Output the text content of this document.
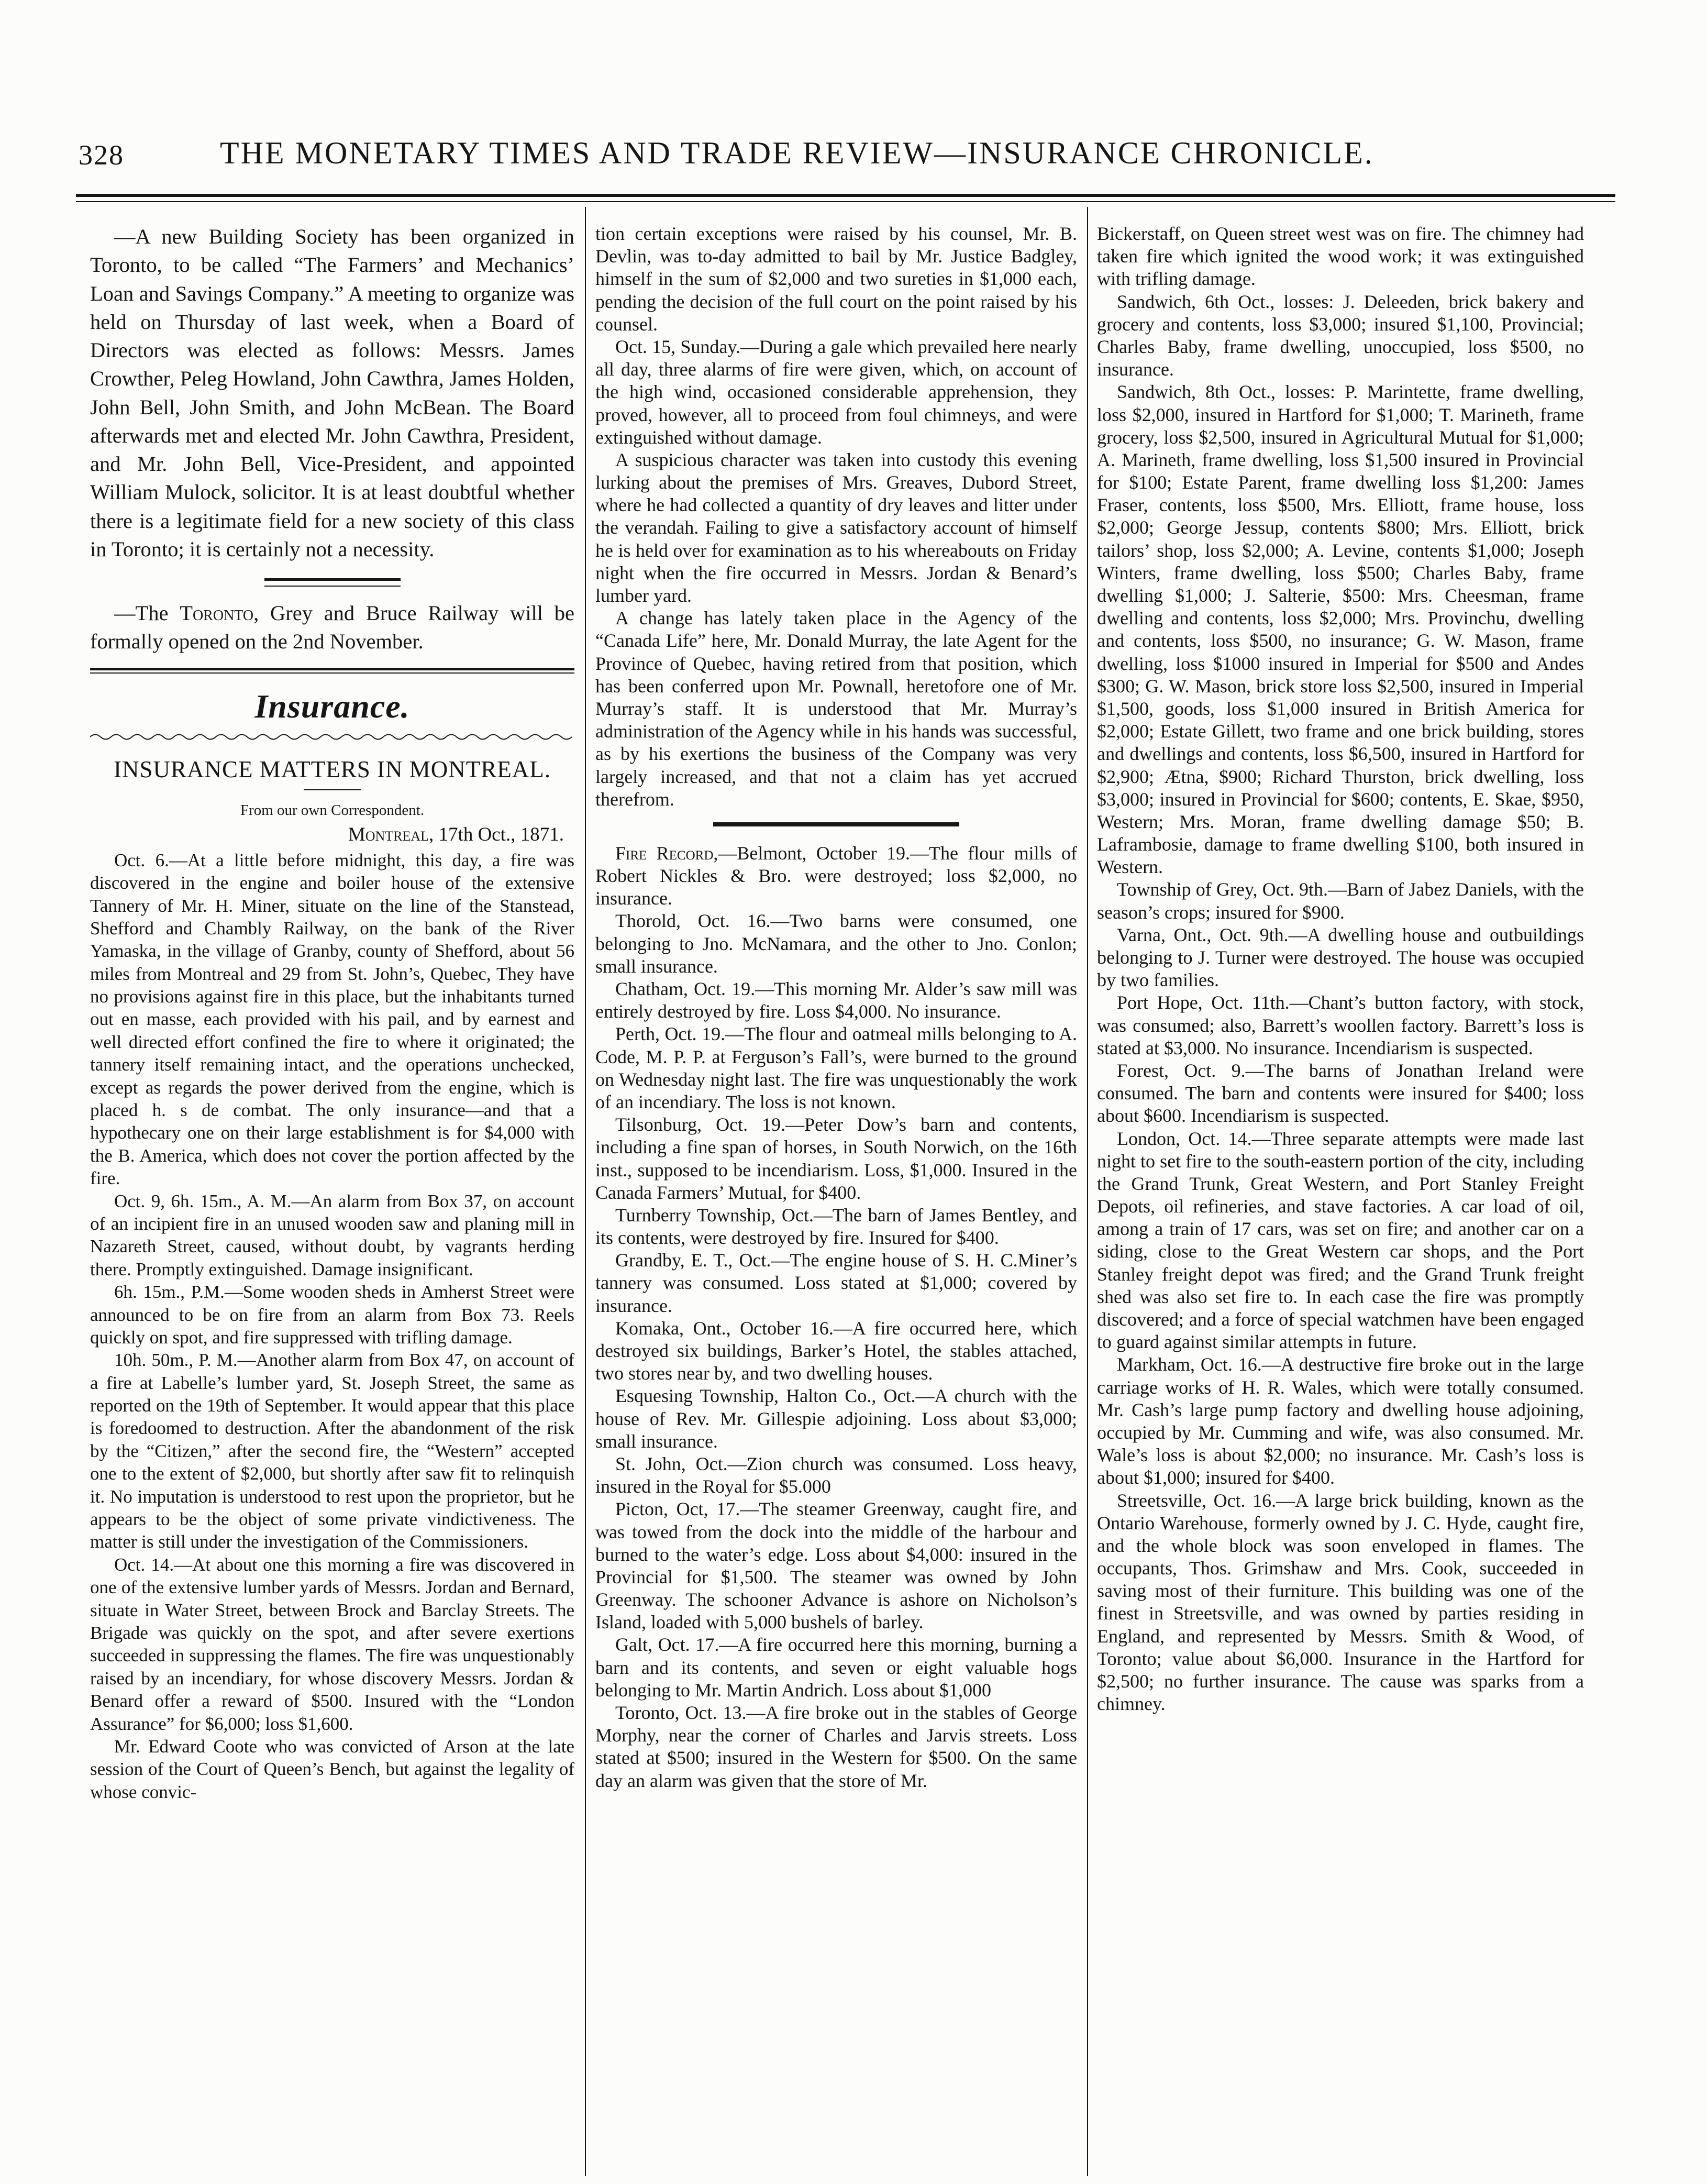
328	THE MONETARY TIMES AND TRADE REVIEW—INSURANCE CHRONICLE.

—A new Building Society has been organized in Toronto, to be called “The Farmers’ and Mechanics’ Loan and Savings Company.” A meeting to organize was held on Thursday of last week, when a Board of Directors was elected as follows: Messrs. James Crowther, Peleg Howland, John Cawthra, James Holden, John Bell, John Smith, and John McBean. The Board afterwards met and elected Mr. John Cawthra, President, and Mr. John Bell, Vice-President, and appointed William Mulock, solicitor. It is at least doubtful whether there is a legitimate field for a new society of this class in Toronto; it is certainly not a necessity.

—The Toronto, Grey and Bruce Railway will be formally opened on the 2nd November.

Insurance.
INSURANCE MATTERS IN MONTREAL.
From our own Correspondent.
Montreal, 17th Oct., 1871.

Oct. 6.—At a little before midnight, this day, a fire was discovered in the engine and boiler house of the extensive Tannery of Mr. H. Miner, situate on the line of the Stanstead, Shefford and Chambly Railway, on the bank of the River Yamaska, in the village of Granby, county of Shefford, about 56 miles from Montreal and 29 from St. John’s, Quebec, They have no provisions against fire in this place, but the inhabitants turned out en masse, each provided with his pail, and by earnest and well directed effort confined the fire to where it originated; the tannery itself remaining intact, and the operations unchecked, except as regards the power derived from the engine, which is placed h. s de combat. The only insurance—and that a hypothecary one on their large establishment is for $4,000 with the B. America, which does not cover the portion affected by the fire.

Oct. 9, 6h. 15m., A. M.—An alarm from Box 37, on account of an incipient fire in an unused wooden saw and planing mill in Nazareth Street, caused, without doubt, by vagrants herding there. Promptly extinguished. Damage insignificant.

6h. 15m., P.M.—Some wooden sheds in Amherst Street were announced to be on fire from an alarm from Box 73. Reels quickly on spot, and fire suppressed with trifling damage.

10h. 50m., P. M.—Another alarm from Box 47, on account of a fire at Labelle’s lumber yard, St. Joseph Street, the same as reported on the 19th of September. It would appear that this place is foredoomed to destruction. After the abandonment of the risk by the “Citizen,” after the second fire, the “Western” accepted one to the extent of $2,000, but shortly after saw fit to relinquish it. No imputation is understood to rest upon the proprietor, but he appears to be the object of some private vindictiveness. The matter is still under the investigation of the Commissioners.

Oct. 14.—At about one this morning a fire was discovered in one of the extensive lumber yards of Messrs. Jordan and Bernard, situate in Water Street, between Brock and Barclay Streets. The Brigade was quickly on the spot, and after severe exertions succeeded in suppressing the flames. The fire was unquestionably raised by an incendiary, for whose discovery Messrs. Jordan & Benard offer a reward of $500. Insured with the “London Assurance” for $6,000; loss $1,600.

Mr. Edward Coote who was convicted of Arson at the late session of the Court of Queen’s Bench, but against the legality of whose convic-

tion certain exceptions were raised by his counsel, Mr. B. Devlin, was to-day admitted to bail by Mr. Justice Badgley, himself in the sum of $2,000 and two sureties in $1,000 each, pending the decision of the full court on the point raised by his counsel.

Oct. 15, Sunday.—During a gale which prevailed here nearly all day, three alarms of fire were given, which, on account of the high wind, occasioned considerable apprehension, they proved, however, all to proceed from foul chimneys, and were extinguished without damage.

A suspicious character was taken into custody this evening lurking about the premises of Mrs. Greaves, Dubord Street, where he had collected a quantity of dry leaves and litter under the verandah. Failing to give a satisfactory account of himself he is held over for examination as to his whereabouts on Friday night when the fire occurred in Messrs. Jordan & Benard’s lumber yard.

A change has lately taken place in the Agency of the “Canada Life” here, Mr. Donald Murray, the late Agent for the Province of Quebec, having retired from that position, which has been conferred upon Mr. Pownall, heretofore one of Mr. Murray’s staff. It is understood that Mr. Murray’s administration of the Agency while in his hands was successful, as by his exertions the business of the Company was very largely increased, and that not a claim has yet accrued therefrom.

Fire Record,—Belmont, October 19.—The flour mills of Robert Nickles & Bro. were destroyed; loss $2,000, no insurance.

Thorold, Oct. 16.—Two barns were consumed, one belonging to Jno. McNamara, and the other to Jno. Conlon; small insurance.

Chatham, Oct. 19.—This morning Mr. Alder’s saw mill was entirely destroyed by fire. Loss $4,000. No insurance.

Perth, Oct. 19.—The flour and oatmeal mills belonging to A. Code, M. P. P. at Ferguson’s Fall’s, were burned to the ground on Wednesday night last. The fire was unquestionably the work of an incendiary. The loss is not known.

Tilsonburg, Oct. 19.—Peter Dow’s barn and contents, including a fine span of horses, in South Norwich, on the 16th inst., supposed to be incendiarism. Loss, $1,000. Insured in the Canada Farmers’ Mutual, for $400.

Turnberry Township, Oct.—The barn of James Bentley, and its contents, were destroyed by fire. Insured for $400.

Grandby, E. T., Oct.—The engine house of S. H. C.Miner’s tannery was consumed. Loss stated at $1,000; covered by insurance.

Komaka, Ont., October 16.—A fire occurred here, which destroyed six buildings, Barker’s Hotel, the stables attached, two stores near by, and two dwelling houses.

Esquesing Township, Halton Co., Oct.—A church with the house of Rev. Mr. Gillespie adjoining. Loss about $3,000; small insurance.

St. John, Oct.—Zion church was consumed. Loss heavy, insured in the Royal for $5.000

Picton, Oct, 17.—The steamer Greenway, caught fire, and was towed from the dock into the middle of the harbour and burned to the water’s edge. Loss about $4,000: insured in the Provincial for $1,500. The steamer was owned by John Greenway. The schooner Advance is ashore on Nicholson’s Island, loaded with 5,000 bushels of barley.

Galt, Oct. 17.—A fire occurred here this morning, burning a barn and its contents, and seven or eight valuable hogs belonging to Mr. Martin Andrich. Loss about $1,000

Toronto, Oct. 13.—A fire broke out in the stables of George Morphy, near the corner of Charles and Jarvis streets. Loss stated at $500; insured in the Western for $500. On the same day an alarm was given that the store of Mr.

Bickerstaff, on Queen street west was on fire. The chimney had taken fire which ignited the wood work; it was extinguished with trifling damage.

Sandwich, 6th Oct., losses: J. Deleeden, brick bakery and grocery and contents, loss $3,000; insured $1,100, Provincial; Charles Baby, frame dwelling, unoccupied, loss $500, no insurance.

Sandwich, 8th Oct., losses: P. Marintette, frame dwelling, loss $2,000, insured in Hartford for $1,000; T. Marineth, frame grocery, loss $2,500, insured in Agricultural Mutual for $1,000; A. Marineth, frame dwelling, loss $1,500 insured in Provincial for $100; Estate Parent, frame dwelling loss $1,200: James Fraser, contents, loss $500, Mrs. Elliott, frame house, loss $2,000; George Jessup, contents $800; Mrs. Elliott, brick tailors’ shop, loss $2,000; A. Levine, contents $1,000; Joseph Winters, frame dwelling, loss $500; Charles Baby, frame dwelling $1,000; J. Salterie, $500: Mrs. Cheesman, frame dwelling and contents, loss $2,000; Mrs. Provinchu, dwelling and contents, loss $500, no insurance; G. W. Mason, frame dwelling, loss $1000 insured in Imperial for $500 and Andes $300; G. W. Mason, brick store loss $2,500, insured in Imperial $1,500, goods, loss $1,000 insured in British America for $2,000; Estate Gillett, two frame and one brick building, stores and dwellings and contents, loss $6,500, insured in Hartford for $2,900; Ætna, $900; Richard Thurston, brick dwelling, loss $3,000; insured in Provincial for $600; contents, E. Skae, $950, Western; Mrs. Moran, frame dwelling damage $50; B. Laframbosie, damage to frame dwelling $100, both insured in Western.

Township of Grey, Oct. 9th.—Barn of Jabez Daniels, with the season’s crops; insured for $900.

Varna, Ont., Oct. 9th.—A dwelling house and outbuildings belonging to J. Turner were destroyed. The house was occupied by two families.

Port Hope, Oct. 11th.—Chant’s button factory, with stock, was consumed; also, Barrett’s woollen factory. Barrett’s loss is stated at $3,000. No insurance. Incendiarism is suspected.

Forest, Oct. 9.—The barns of Jonathan Ireland were consumed. The barn and contents were insured for $400; loss about $600. Incendiarism is suspected.

London, Oct. 14.—Three separate attempts were made last night to set fire to the south-eastern portion of the city, including the Grand Trunk, Great Western, and Port Stanley Freight Depots, oil refineries, and stave factories. A car load of oil, among a train of 17 cars, was set on fire; and another car on a siding, close to the Great Western car shops, and the Port Stanley freight depot was fired; and the Grand Trunk freight shed was also set fire to. In each case the fire was promptly discovered; and a force of special watchmen have been engaged to guard against similar attempts in future.

Markham, Oct. 16.—A destructive fire broke out in the large carriage works of H. R. Wales, which were totally consumed. Mr. Cash’s large pump factory and dwelling house adjoining, occupied by Mr. Cumming and wife, was also consumed. Mr. Wale’s loss is about $2,000; no insurance. Mr. Cash’s loss is about $1,000; insured for $400.

Streetsville, Oct. 16.—A large brick building, known as the Ontario Warehouse, formerly owned by J. C. Hyde, caught fire, and the whole block was soon enveloped in flames. The occupants, Thos. Grimshaw and Mrs. Cook, succeeded in saving most of their furniture. This building was one of the finest in Streetsville, and was owned by parties residing in England, and represented by Messrs. Smith & Wood, of Toronto; value about $6,000. Insurance in the Hartford for $2,500; no further insurance. The cause was sparks from a chimney.
